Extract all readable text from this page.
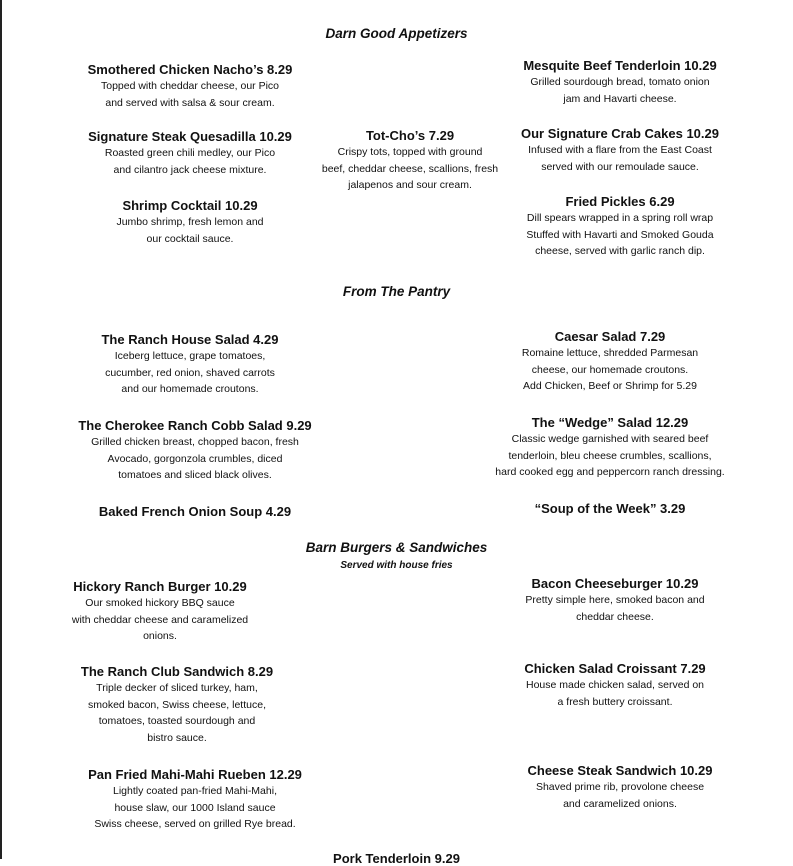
Darn Good Appetizers
Smothered Chicken Nacho’s 8.29
Topped with cheddar cheese, our Pico
and served with salsa & sour cream.
Mesquite Beef Tenderloin 10.29
Grilled sourdough bread, tomato onion
jam and Havarti cheese.
Signature Steak Quesadilla 10.29
Roasted green chili medley, our Pico
and cilantro jack cheese mixture.
Tot-Cho’s 7.29
Crispy tots, topped with ground
beef, cheddar cheese, scallions, fresh
jalapenos and sour cream.
Our Signature Crab Cakes 10.29
Infused with a flare from the East Coast
served with our remoulade sauce.
Shrimp Cocktail 10.29
Jumbo shrimp, fresh lemon and
our cocktail sauce.
Fried Pickles 6.29
Dill spears wrapped in a spring roll wrap
Stuffed with Havarti and Smoked Gouda
cheese, served with garlic ranch dip.
From The Pantry
The Ranch House Salad 4.29
Iceberg lettuce, grape tomatoes,
cucumber, red onion, shaved carrots
and our homemade croutons.
Caesar Salad 7.29
Romaine lettuce, shredded Parmesan
cheese, our homemade croutons.
Add Chicken, Beef or Shrimp for 5.29
The Cherokee Ranch Cobb Salad 9.29
Grilled chicken breast, chopped bacon, fresh
Avocado, gorgonzola crumbles, diced
tomatoes and sliced black olives.
The “Wedge” Salad 12.29
Classic wedge garnished with seared beef
tenderloin, bleu cheese crumbles, scallions,
hard cooked egg and peppercorn ranch dressing.
Baked French Onion Soup 4.29	“Soup of the Week” 3.29
Barn Burgers & Sandwiches
Served with house fries
Hickory Ranch Burger 10.29
Our smoked hickory BBQ sauce
with cheddar cheese and caramelized
onions.
Bacon Cheeseburger 10.29
Pretty simple here, smoked bacon and
cheddar cheese.
The Ranch Club Sandwich 8.29
Triple decker of sliced turkey, ham,
smoked bacon, Swiss cheese, lettuce,
tomatoes, toasted sourdough and
bistro sauce.
Chicken Salad Croissant 7.29
House made chicken salad, served on
a fresh buttery croissant.
Pan Fried Mahi-Mahi Rueben 12.29
Lightly coated pan-fried Mahi-Mahi,
house slaw, our 1000 Island sauce
Swiss cheese, served on grilled Rye bread.
Cheese Steak Sandwich 10.29
Shaved prime rib, provolone cheese
and caramelized onions.
Pork Tenderloin 9.29
